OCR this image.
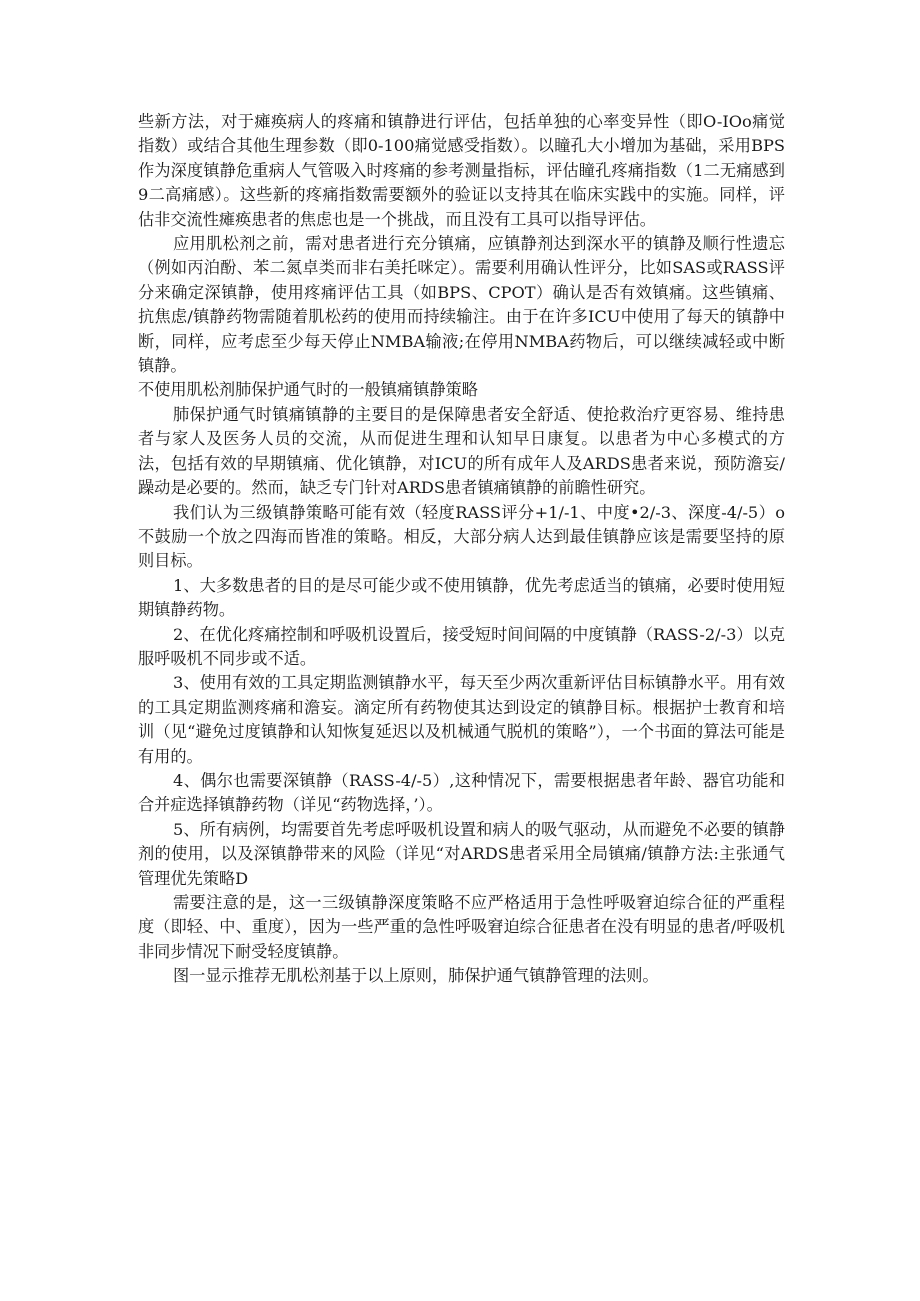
些新方法，对于瘫痪病人的疼痛和镇静进行评估，包括单独的心率变异性（即O-IOo痛觉指数）或结合其他生理参数（即0-100痛觉感受指数）。以瞳孔大小增加为基础，采用BPS作为深度镇静危重病人气管吸入时疼痛的参考测量指标，评估瞳孔疼痛指数（1二无痛感到9二高痛感）。这些新的疼痛指数需要额外的验证以支持其在临床实践中的实施。同样，评估非交流性瘫痪患者的焦虑也是一个挑战，而且没有工具可以指导评估。

应用肌松剂之前，需对患者进行充分镇痛，应镇静剂达到深水平的镇静及顺行性遗忘（例如丙泊酚、苯二氮卓类而非右美托咪定）。需要利用确认性评分，比如SAS或RASS评分来确定深镇静，使用疼痛评估工具（如BPS、CPOT）确认是否有效镇痛。这些镇痛、抗焦虑/镇静药物需随着肌松药的使用而持续输注。由于在许多ICU中使用了每天的镇静中断，同样，应考虑至少每天停止NMBA输液;在停用NMBA药物后，可以继续减轻或中断镇静。

不使用肌松剂肺保护通气时的一般镇痛镇静策略

肺保护通气时镇痛镇静的主要目的是保障患者安全舒适、使抢救治疗更容易、维持患者与家人及医务人员的交流，从而促进生理和认知早日康复。以患者为中心多模式的方法，包括有效的早期镇痛、优化镇静，对ICU的所有成年人及ARDS患者来说，预防澹妄/躁动是必要的。然而，缺乏专门针对ARDS患者镇痛镇静的前瞻性研究。

我们认为三级镇静策略可能有效（轻度RASS评分+1/-1、中度•2/-3、深度-4/-5）o不鼓励一个放之四海而皆准的策略。相反，大部分病人达到最佳镇静应该是需要坚持的原则目标。

1、大多数患者的目的是尽可能少或不使用镇静，优先考虑适当的镇痛，必要时使用短期镇静药物。

2、在优化疼痛控制和呼吸机设置后，接受短时间间隔的中度镇静（RASS-2/-3）以克服呼吸机不同步或不适。

3、使用有效的工具定期监测镇静水平，每天至少两次重新评估目标镇静水平。用有效的工具定期监测疼痛和澹妄。滴定所有药物使其达到设定的镇静目标。根据护士教育和培训（见“避免过度镇静和认知恢复延迟以及机械通气脱机的策略”），一个书面的算法可能是有用的。

4、偶尔也需要深镇静（RASS-4/-5）,这种情况下，需要根据患者年龄、器官功能和合并症选择镇静药物（详见“药物选择，’）。

5、所有病例，均需要首先考虑呼吸机设置和病人的吸气驱动，从而避免不必要的镇静剂的使用，以及深镇静带来的风险（详见“对ARDS患者采用全局镇痛/镇静方法:主张通气管理优先策略D

需要注意的是，这一三级镇静深度策略不应严格适用于急性呼吸窘迫综合征的严重程度（即轻、中、重度），因为一些严重的急性呼吸窘迫综合征患者在没有明显的患者/呼吸机非同步情况下耐受轻度镇静。

图一显示推荐无肌松剂基于以上原则，肺保护通气镇静管理的法则。
